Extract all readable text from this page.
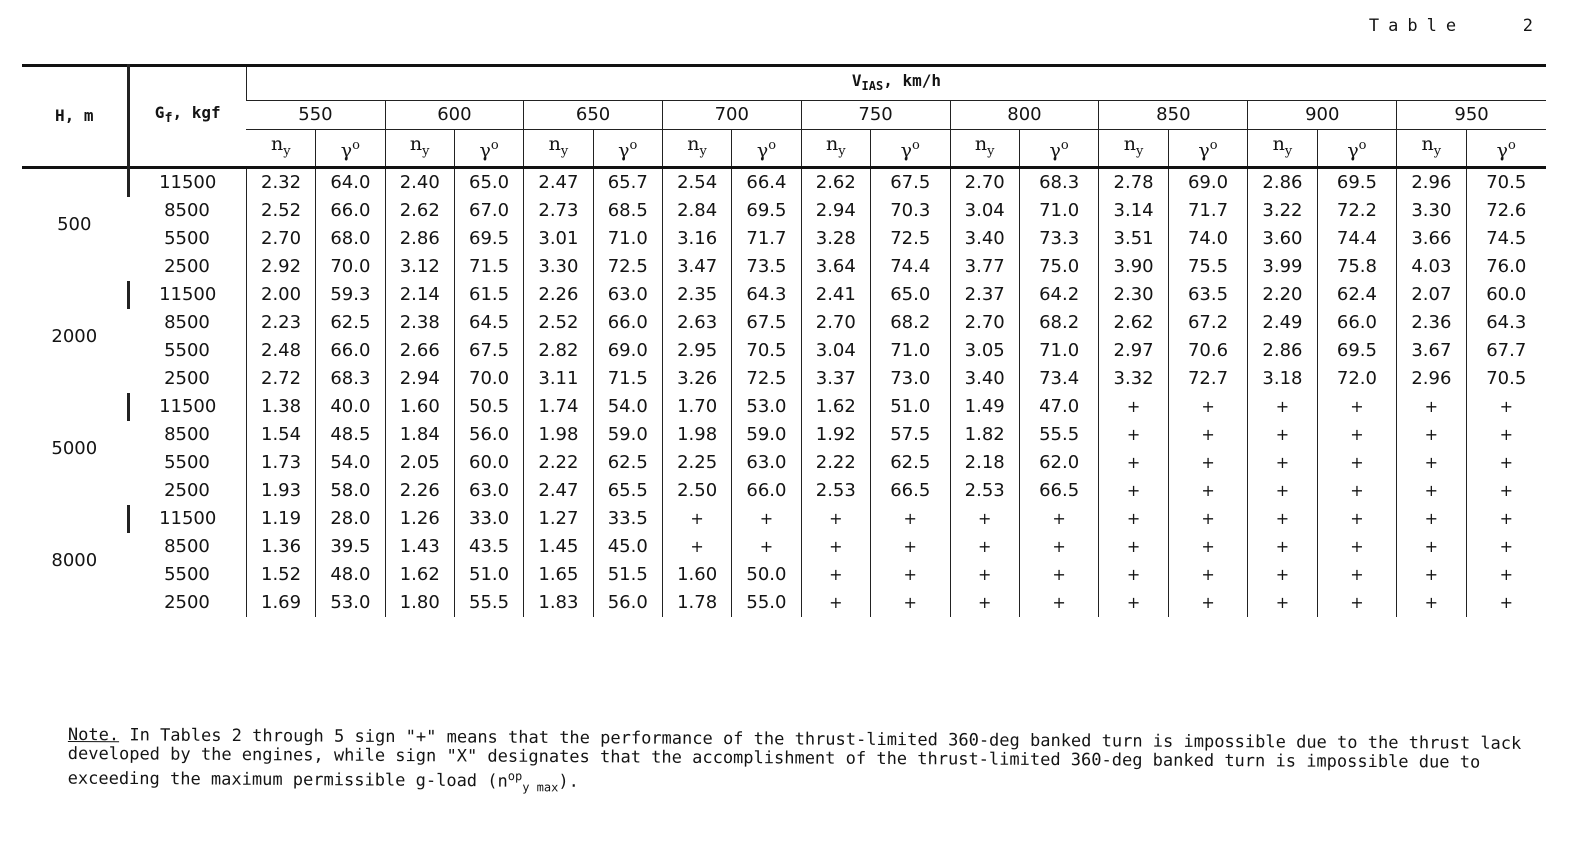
Table   2
H, m	$G_f$, kgf	$V_{IAS}$, km/h																	
		550		600		650		700		750		800		850		900		950	
		$n_y$	$\gamma^o$	$n_y$	$\gamma^o$	$n_y$	$\gamma^o$	$n_y$	$\gamma^o$	$n_y$	$\gamma^o$	$n_y$	$\gamma^o$	$n_y$	$\gamma^o$	$n_y$	$\gamma^o$	$n_y$	$\gamma^o$
500	11500	2.32	64.0	2.40	65.0	2.47	65.7	2.54	66.4	2.62	67.5	2.70	68.3	2.78	69.0	2.86	69.5	2.96	70.5
	8500	2.52	66.0	2.62	67.0	2.73	68.5	2.84	69.5	2.94	70.3	3.04	71.0	3.14	71.7	3.22	72.2	3.30	72.6
	5500	2.70	68.0	2.86	69.5	3.01	71.0	3.16	71.7	3.28	72.5	3.40	73.3	3.51	74.0	3.60	74.4	3.66	74.5
	2500	2.92	70.0	3.12	71.5	3.30	72.5	3.47	73.5	3.64	74.4	3.77	75.0	3.90	75.5	3.99	75.8	4.03	76.0
2000	11500	2.00	59.3	2.14	61.5	2.26	63.0	2.35	64.3	2.41	65.0	2.37	64.2	2.30	63.5	2.20	62.4	2.07	60.0
	8500	2.23	62.5	2.38	64.5	2.52	66.0	2.63	67.5	2.70	68.2	2.70	68.2	2.62	67.2	2.49	66.0	2.36	64.3
	5500	2.48	66.0	2.66	67.5	2.82	69.0	2.95	70.5	3.04	71.0	3.05	71.0	2.97	70.6	2.86	69.5	3.67	67.7
	2500	2.72	68.3	2.94	70.0	3.11	71.5	3.26	72.5	3.37	73.0	3.40	73.4	3.32	72.7	3.18	72.0	2.96	70.5
5000	11500	1.38	40.0	1.60	50.5	1.74	54.0	1.70	53.0	1.62	51.0	1.49	47.0	+	+	+	+	+	+
	8500	1.54	48.5	1.84	56.0	1.98	59.0	1.98	59.0	1.92	57.5	1.82	55.5	+	+	+	+	+	+
	5500	1.73	54.0	2.05	60.0	2.22	62.5	2.25	63.0	2.22	62.5	2.18	62.0	+	+	+	+	+	+
	2500	1.93	58.0	2.26	63.0	2.47	65.5	2.50	66.0	2.53	66.5	2.53	66.5	+	+	+	+	+	+
8000	11500	1.19	28.0	1.26	33.0	1.27	33.5	+	+	+	+	+	+	+	+	+	+	+	+
	8500	1.36	39.5	1.43	43.5	1.45	45.0	+	+	+	+	+	+	+	+	+	+	+	+
	5500	1.52	48.0	1.62	51.0	1.65	51.5	1.60	50.0	+	+	+	+	+	+	+	+	+	+
	2500	1.69	53.0	1.80	55.5	1.83	56.0	1.78	55.0	+	+	+	+	+	+	+	+	+	+
Note. In Tables 2 through 5 sign "+" means that the performance of the thrust-limited 360-deg banked turn is impossible due to the thrust lack developed by the engines, while sign "X" designates that the accomplishment of the thrust-limited 360-deg banked turn is impossible due to exceeding the maximum permissible g-load $(n^{op}_{y max})$.
